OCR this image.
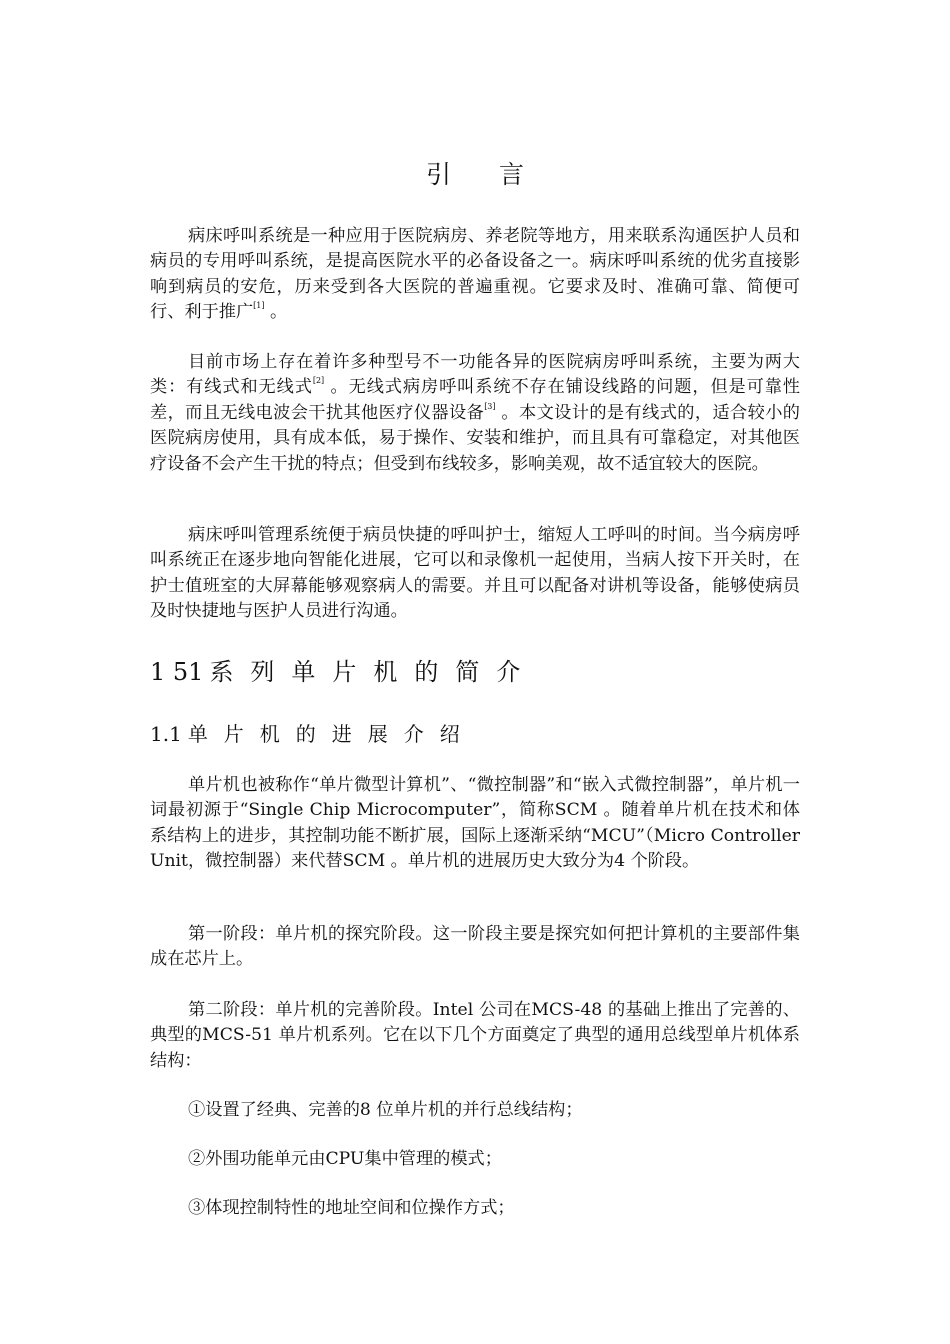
引 言

病床呼叫系统是一种应用于医院病房、养老院等地方，用来联系沟通医护人员和病员的专用呼叫系统，是提高医院水平的必备设备之一。病床呼叫系统的优劣直接影响到病员的安危，历来受到各大医院的普遍重视。它要求及时、准确可靠、简便可行、利于推广[1] 。

目前市场上存在着许多种型号不一功能各异的医院病房呼叫系统，主要为两大类：有线式和无线式[2] 。无线式病房呼叫系统不存在铺设线路的问题，但是可靠性差，而且无线电波会干扰其他医疗仪器设备[3] 。本文设计的是有线式的，适合较小的医院病房使用，具有成本低，易于操作、安装和维护，而且具有可靠稳定，对其他医疗设备不会产生干扰的特点；但受到布线较多，影响美观，故不适宜较大的医院。

病床呼叫管理系统便于病员快捷的呼叫护士，缩短人工呼叫的时间。当今病房呼叫系统正在逐步地向智能化进展，它可以和录像机一起使用，当病人按下开关时，在护士值班室的大屏幕能够观察病人的需要。并且可以配备对讲机等设备，能够使病员及时快捷地与医护人员进行沟通。

1 51 系列单片机的简介
1.1 单片机的进展介绍

单片机也被称作“单片微型计算机”、“微控制器”和“嵌入式微控制器”，单片机一词最初源于“Single Chip Microcomputer”，简称SCM 。随着单片机在技术和体系结构上的进步，其控制功能不断扩展，国际上逐渐采纳“MCU”（Micro Controller Unit，微控制器）来代替SCM 。单片机的进展历史大致分为4 个阶段。

第一阶段：单片机的探究阶段。这一阶段主要是探究如何把计算机的主要部件集成在芯片上。

第二阶段：单片机的完善阶段。Intel 公司在MCS-48 的基础上推出了完善的、典型的MCS-51 单片机系列。它在以下几个方面奠定了典型的通用总线型单片机体系结构：

①设置了经典、完善的8 位单片机的并行总线结构；

②外围功能单元由CPU集中管理的模式；

③体现控制特性的地址空间和位操作方式；
